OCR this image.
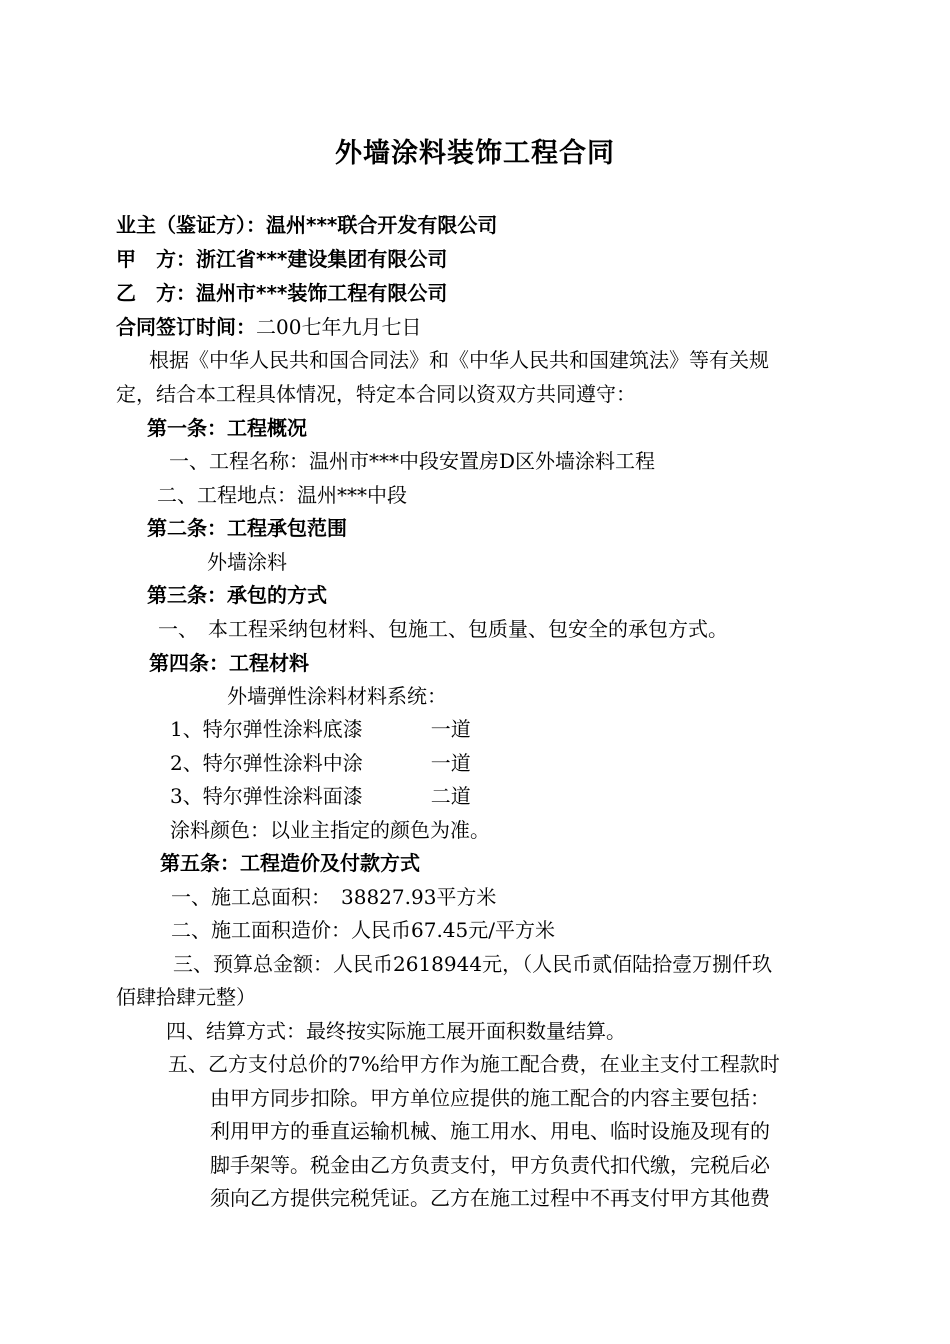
外墙涂料装饰工程合同
业主（鉴证方）：温州***联合开发有限公司
甲　方：浙江省***建设集团有限公司
乙　方：温州市***装饰工程有限公司
合同签订时间：二00七年九月七日
根据《中华人民共和国合同法》和《中华人民共和国建筑法》等有关规
定，结合本工程具体情况，特定本合同以资双方共同遵守：
第一条：工程概况
一、工程名称：温州市***中段安置房D区外墙涂料工程
二、工程地点：温州***中段
第二条：工程承包范围
外墙涂料
第三条：承包的方式
一、　本工程采纳包材料、包施工、包质量、包安全的承包方式。
第四条：工程材料
外墙弹性涂料材料系统：
1、特尔弹性涂料底漆	一道
2、特尔弹性涂料中涂	一道
3、特尔弹性涂料面漆	二道
涂料颜色：以业主指定的颜色为准。
第五条：工程造价及付款方式
一、施工总面积：　38827.93平方米
二、施工面积造价：人民币67.45元/平方米
三、预算总金额：人民币2618944元，（人民币贰佰陆拾壹万捌仟玖
佰肆拾肆元整）
四、结算方式：最终按实际施工展开面积数量结算。
五、乙方支付总价的7%给甲方作为施工配合费，在业主支付工程款时
由甲方同步扣除。甲方单位应提供的施工配合的内容主要包括：
利用甲方的垂直运输机械、施工用水、用电、临时设施及现有的
脚手架等。税金由乙方负责支付，甲方负责代扣代缴，完税后必
须向乙方提供完税凭证。乙方在施工过程中不再支付甲方其他费
